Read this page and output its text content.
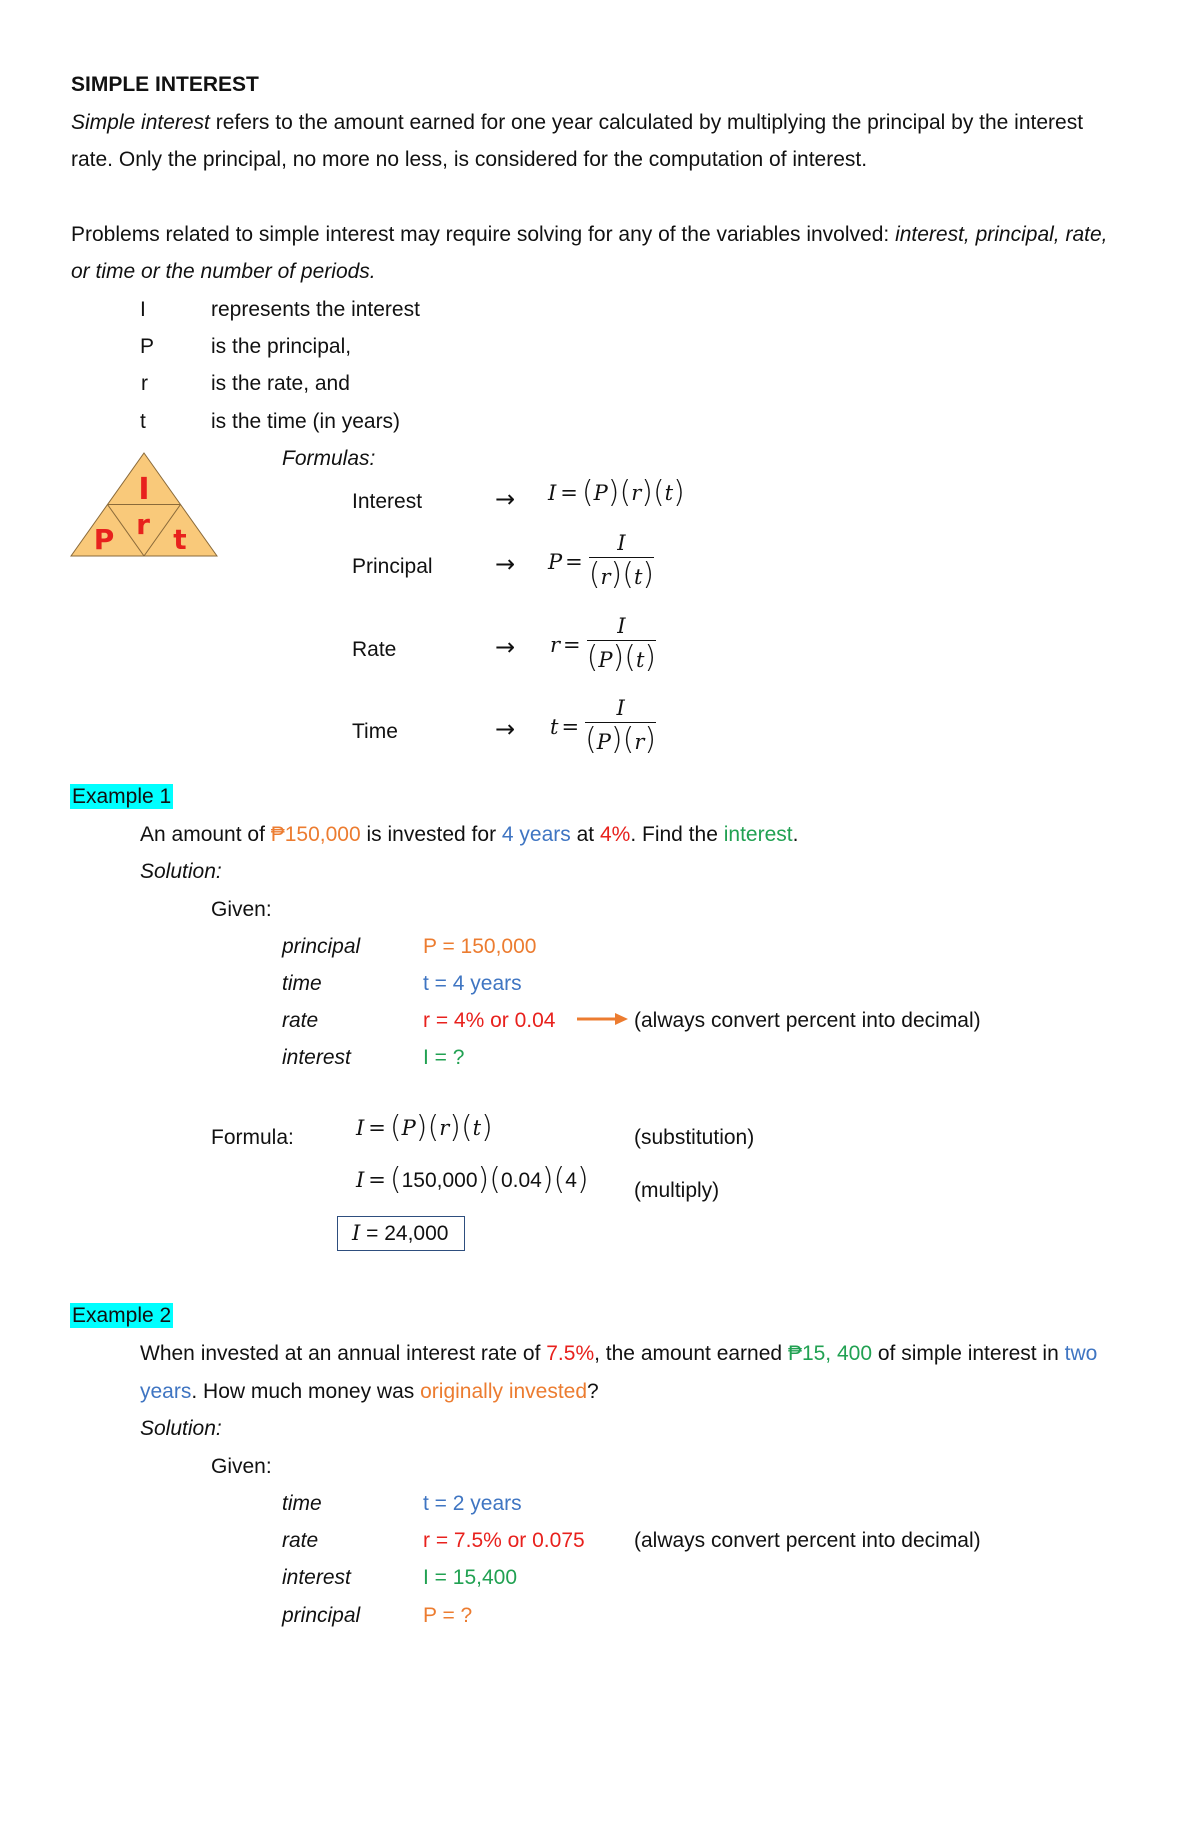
SIMPLE INTEREST
Simple interest refers to the amount earned for one year calculated by multiplying the principal by the interest
rate. Only the principal, no more no less, is considered for the computation of interest.
Problems related to simple interest may require solving for any of the variables involved: interest, principal, rate,
or time or the number of periods.
I	represents the interest
P	is the principal,
r	is the rate, and
t	is the time (in years)
I
P r t
Formulas:
Interest	→ I = ( P )( r )( t )
Principal	→ $P = \frac{I}{(r)(t)}$
Rate	→ $r = \frac{I}{(P)(t)}$
Time	→ $t = \frac{I}{(P)(r)}$
Example 1
An amount of ₱150,000 is invested for 4 years at 4%. Find the interest.
Solution:
Given:
principal	P = 150,000
time	t = 4 years
rate	r = 4% or 0.04	(always convert percent into decimal)
interest	I = ?
Formula:	I = ( P )( r )( t )	(substitution)
I = ( 150,000 )( 0.04 )( 4 ) (multiply)
I = 24,000
Example 2
When invested at an annual interest rate of 7.5%, the amount earned ₱15, 400 of simple interest in two
years. How much money was originally invested?
Solution:
Given:
time	t = 2 years
rate	r = 7.5% or 0.075 (always convert percent into decimal)
interest	I = 15,400
principal	P = ?
